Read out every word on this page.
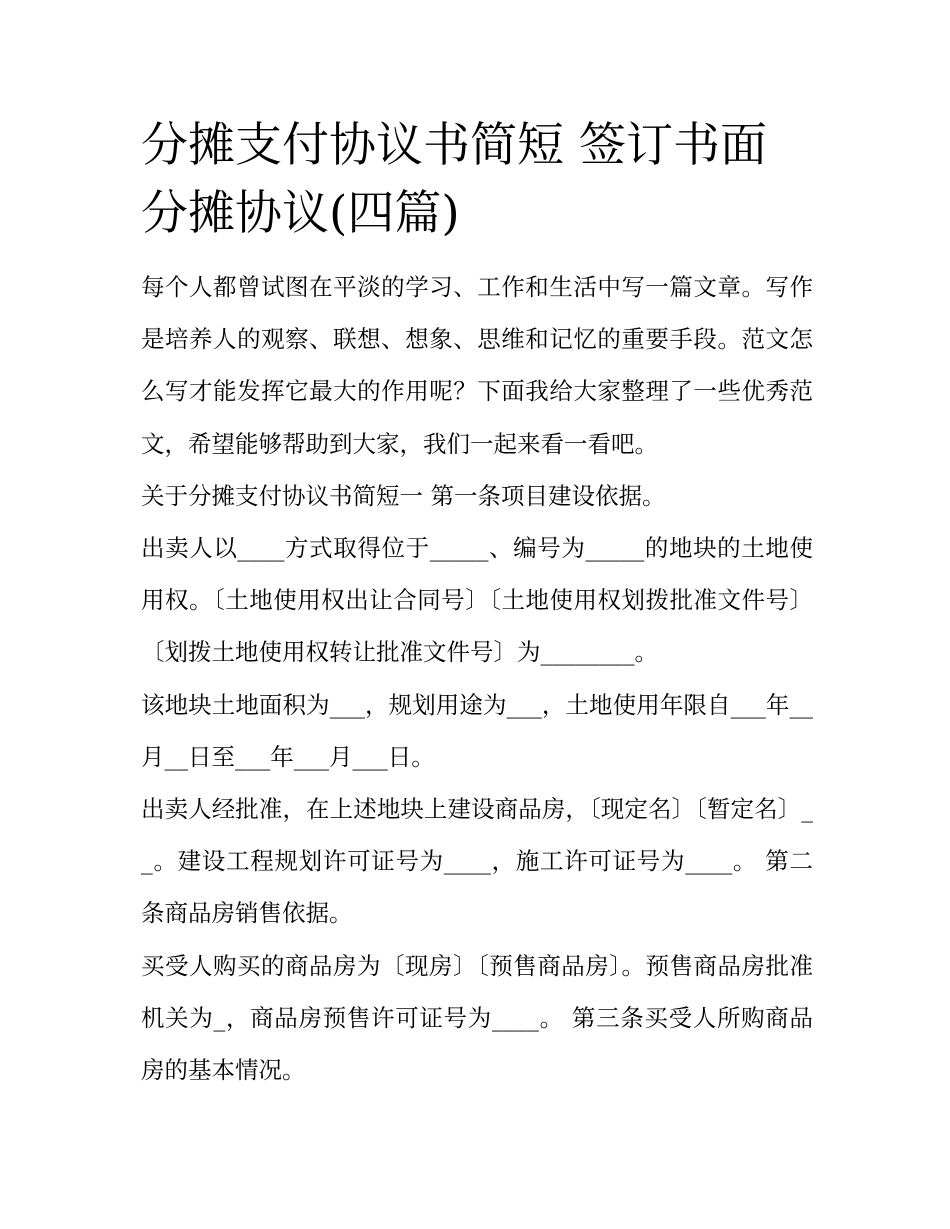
分摊支付协议书简短 签订书面分摊协议(四篇)

每个人都曾试图在平淡的学习、工作和生活中写一篇文章。写作是培养人的观察、联想、想象、思维和记忆的重要手段。范文怎么写才能发挥它最大的作用呢？下面我给大家整理了一些优秀范文，希望能够帮助到大家，我们一起来看一看吧。

关于分摊支付协议书简短一 第一条项目建设依据。

出卖人以____方式取得位于_____、编号为_____的地块的土地使用权。〔土地使用权出让合同号〕〔土地使用权划拨批准文件号〕〔划拨土地使用权转让批准文件号〕为________。

该地块土地面积为___，规划用途为___，土地使用年限自___年__月__日至___年___月___日。

出卖人经批准，在上述地块上建设商品房，〔现定名〕〔暂定名〕__。建设工程规划许可证号为____，施工许可证号为____。 第二条商品房销售依据。

买受人购买的商品房为〔现房〕〔预售商品房〕。预售商品房批准机关为_，商品房预售许可证号为____。 第三条买受人所购商品房的基本情况。
